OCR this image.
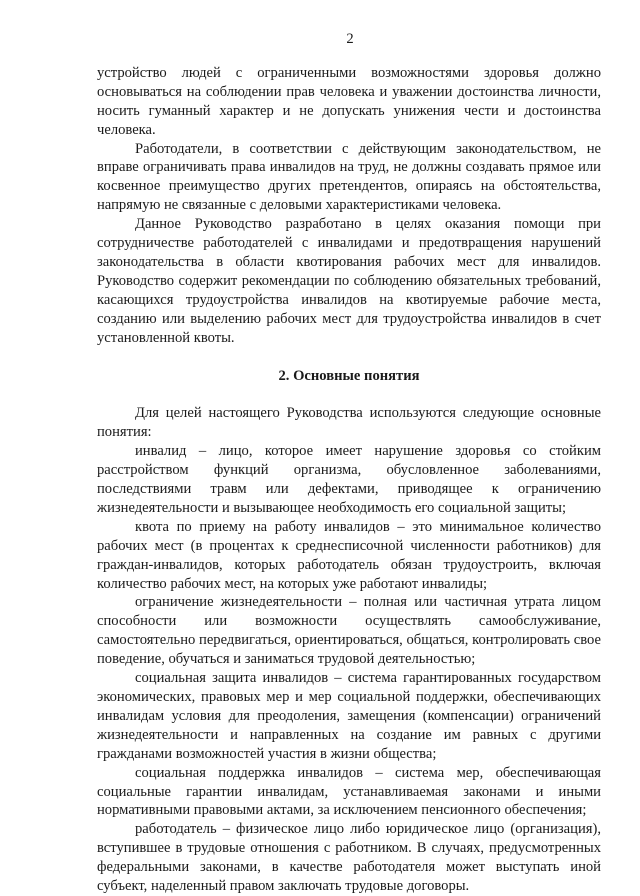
2

устройство людей с ограниченными возможностями здоровья должно основываться на соблюдении прав человека и уважении достоинства личности, носить гуманный характер и не допускать унижения чести и достоинства человека.

Работодатели, в соответствии с действующим законодательством, не вправе ограничивать права инвалидов на труд, не должны создавать прямое или косвенное преимущество других претендентов, опираясь на обстоятельства, напрямую не связанные с деловыми характеристиками человека.

Данное Руководство разработано в целях оказания помощи при сотрудничестве работодателей с инвалидами и предотвращения нарушений законодательства в области квотирования рабочих мест для инвалидов. Руководство содержит рекомендации по соблюдению обязательных требований, касающихся трудоустройства инвалидов на квотируемые рабочие места, созданию или выделению рабочих мест для трудоустройства инвалидов в счет установленной квоты.

2. Основные понятия

Для целей настоящего Руководства используются следующие основные понятия:

инвалид – лицо, которое имеет нарушение здоровья со стойким расстройством функций организма, обусловленное заболеваниями, последствиями травм или дефектами, приводящее к ограничению жизнедеятельности и вызывающее необходимость его социальной защиты;

квота по приему на работу инвалидов – это минимальное количество рабочих мест (в процентах к среднесписочной численности работников) для граждан-инвалидов, которых работодатель обязан трудоустроить, включая количество рабочих мест, на которых уже работают инвалиды;

ограничение жизнедеятельности – полная или частичная утрата лицом способности или возможности осуществлять самообслуживание, самостоятельно передвигаться, ориентироваться, общаться, контролировать свое поведение, обучаться и заниматься трудовой деятельностью;

социальная защита инвалидов – система гарантированных государством экономических, правовых мер и мер социальной поддержки, обеспечивающих инвалидам условия для преодоления, замещения (компенсации) ограничений жизнедеятельности и направленных на создание им равных с другими гражданами возможностей участия в жизни общества;

социальная поддержка инвалидов – система мер, обеспечивающая социальные гарантии инвалидам, устанавливаемая законами и иными нормативными правовыми актами, за исключением пенсионного обеспечения;

работодатель – физическое лицо либо юридическое лицо (организация), вступившее в трудовые отношения с работником. В случаях, предусмотренных федеральными законами, в качестве работодателя может выступать иной субъект, наделенный правом заключать трудовые договоры.
